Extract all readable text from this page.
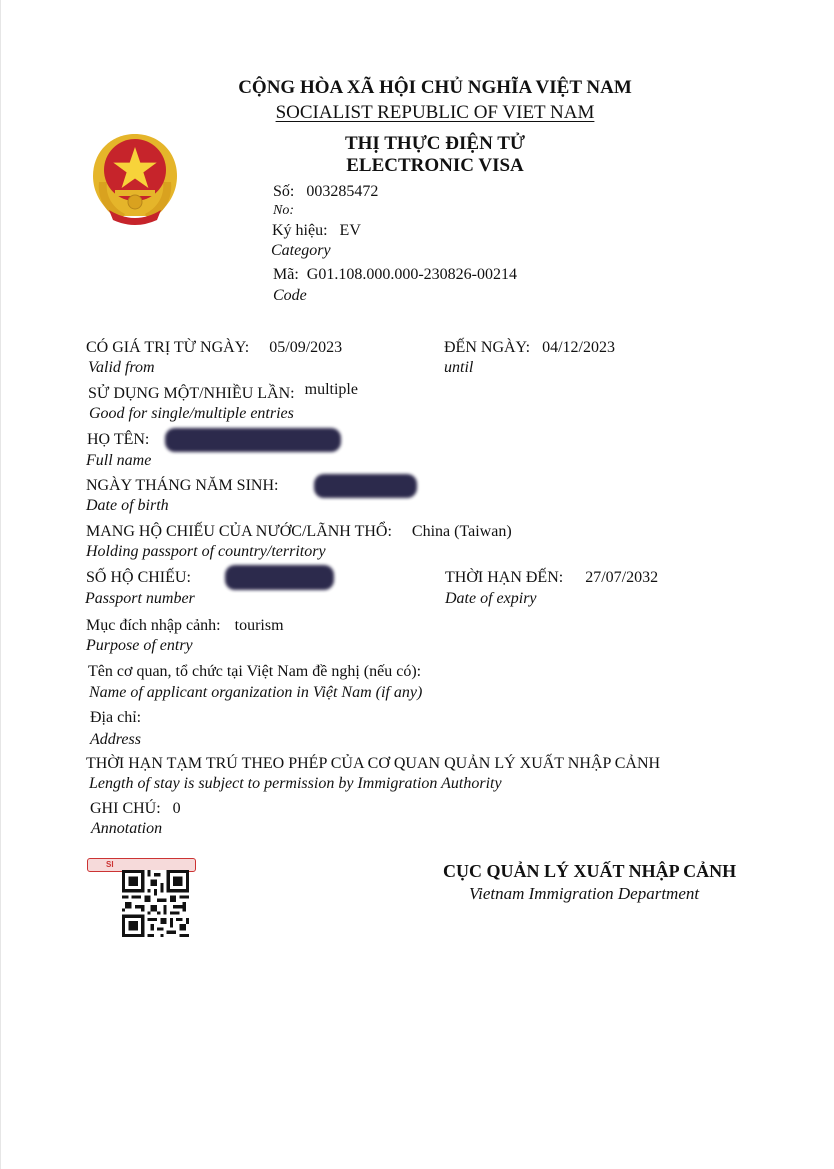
CỘNG HÒA XÃ HỘI CHỦ NGHĨA VIỆT NAM
SOCIALIST REPUBLIC OF VIET NAM
THỊ THỰC ĐIỆN TỬ
ELECTRONIC VISA
Số: 003285472
No:
Ký hiệu: EV
Category
Mã: G01.108.000.000-230826-00214
Code
CÓ GIÁ TRỊ TỪ NGÀY: 05/09/2023
Valid from
ĐẾN NGÀY: 04/12/2023
until
SỬ DỤNG MỘT/NHIỀU LẦN: multiple
Good for single/multiple entries
HỌ TÊN:
Full name
NGÀY THÁNG NĂM SINH:
Date of birth
MANG HỘ CHIẾU CỦA NƯỚC/LÃNH THỔ: China (Taiwan)
Holding passport of country/territory
SỐ HỘ CHIẾU:
Passport number
THỜI HẠN ĐẾN: 27/07/2032
Date of expiry
Mục đích nhập cảnh: tourism
Purpose of entry
Tên cơ quan, tổ chức tại Việt Nam đề nghị (nếu có):
Name of applicant organization in Việt Nam (if any)
Địa chỉ:
Address
THỜI HẠN TẠM TRÚ THEO PHÉP CỦA CƠ QUAN QUẢN LÝ XUẤT NHẬP CẢNH
Length of stay is subject to permission by Immigration Authority
GHI CHÚ: 0
Annotation
SI	CỤC QUẢN LÝ XUẤT NHẬP CẢNH
Vietnam Immigration Department
